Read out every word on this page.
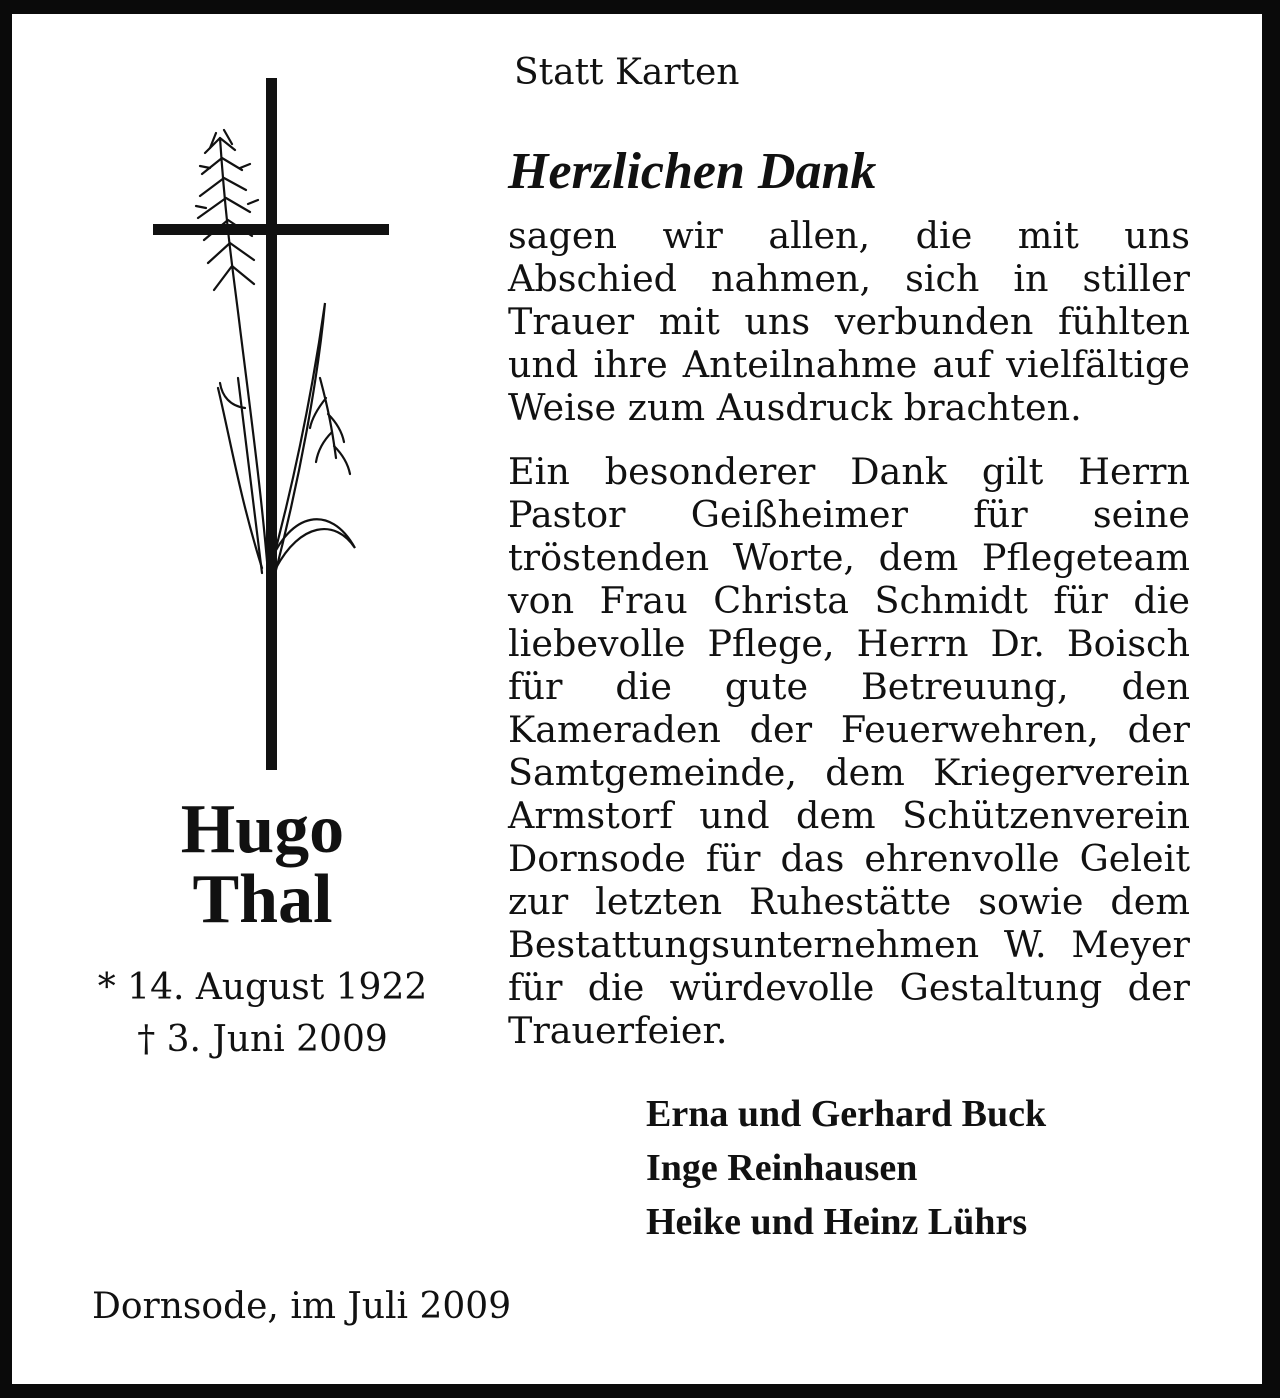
Statt Karten

Herzlichen Dank

sagen wir allen, die mit uns Abschied nahmen, sich in stiller Trauer mit uns verbunden fühlten und ihre Anteilnahme auf vielfältige Weise zum Ausdruck brachten.

Ein besonderer Dank gilt Herrn Pastor Geißheimer für seine tröstenden Worte, dem Pflegeteam von Frau Christa Schmidt für die liebevolle Pflege, Herrn Dr. Boisch für die gute Betreuung, den Kameraden der Feuerwehren, der Samtgemeinde, dem Kriegerverein Armstorf und dem Schützenverein Dornsode für das ehrenvolle Geleit zur letzten Ruhestätte sowie dem Bestattungsunternehmen W. Meyer für die würdevolle Gestaltung der Trauerfeier.

Hugo
Thal
* 14. August 1922
† 3. Juni 2009
Erna und Gerhard Buck
Inge Reinhausen
Heike und Heinz Lührs

Dornsode, im Juli 2009
